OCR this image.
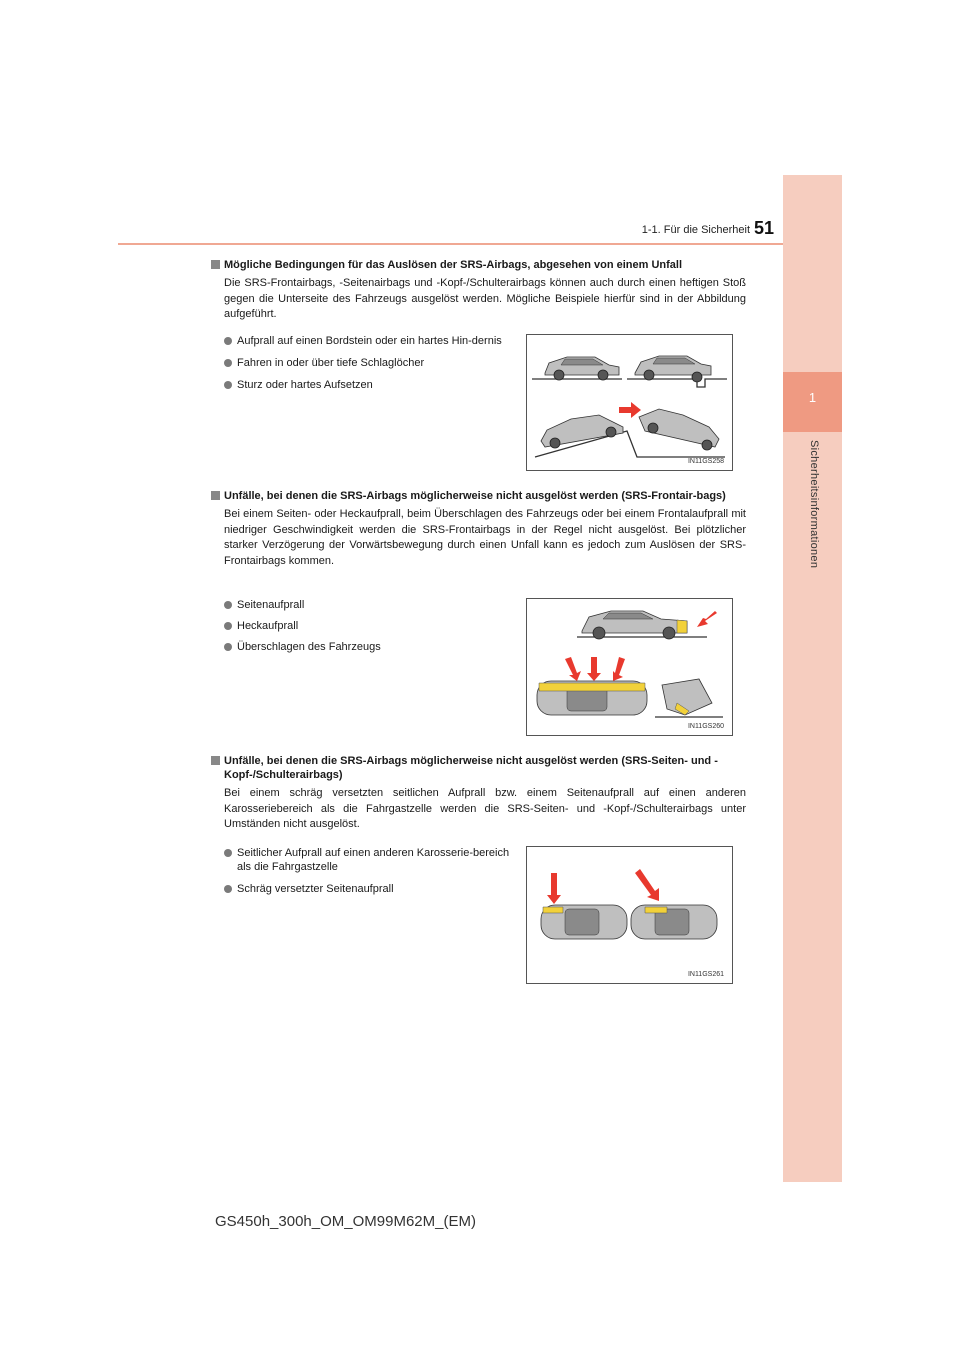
1
Sicherheitsinformationen
1-1. Für die Sicherheit 51
Mögliche Bedingungen für das Auslösen der SRS-Airbags, abgesehen von einem Unfall
Die SRS-Frontairbags, -Seitenairbags und -Kopf-/Schulterairbags können auch durch einen heftigen Stoß gegen die Unterseite des Fahrzeugs ausgelöst werden. Mögliche Beispiele hierfür sind in der Abbildung aufgeführt.
Aufprall auf einen Bordstein oder ein hartes Hin-dernis
Fahren in oder über tiefe Schlaglöcher
Sturz oder hartes Aufsetzen
IN11GS258
Unfälle, bei denen die SRS-Airbags möglicherweise nicht ausgelöst werden (SRS-Frontair-bags)
Bei einem Seiten- oder Heckaufprall, beim Überschlagen des Fahrzeugs oder bei einem Frontalaufprall mit niedriger Geschwindigkeit werden die SRS-Frontairbags in der Regel nicht ausgelöst. Bei plötzlicher starker Verzögerung der Vorwärtsbewegung durch einen Unfall kann es jedoch zum Auslösen der SRS-Frontairbags kommen.
Seitenaufprall
Heckaufprall
Überschlagen des Fahrzeugs
IN11GS260
Unfälle, bei denen die SRS-Airbags möglicherweise nicht ausgelöst werden (SRS-Seiten- und -Kopf-/Schulterairbags)
Bei einem schräg versetzten seitlichen Aufprall bzw. einem Seitenaufprall auf einen anderen Karosseriebereich als die Fahrgastzelle werden die SRS-Seiten- und -Kopf-/Schulterairbags unter Umständen nicht ausgelöst.
Seitlicher Aufprall auf einen anderen Karosserie-bereich als die Fahrgastzelle
Schräg versetzter Seitenaufprall
IN11GS261
GS450h_300h_OM_OM99M62M_(EM)
